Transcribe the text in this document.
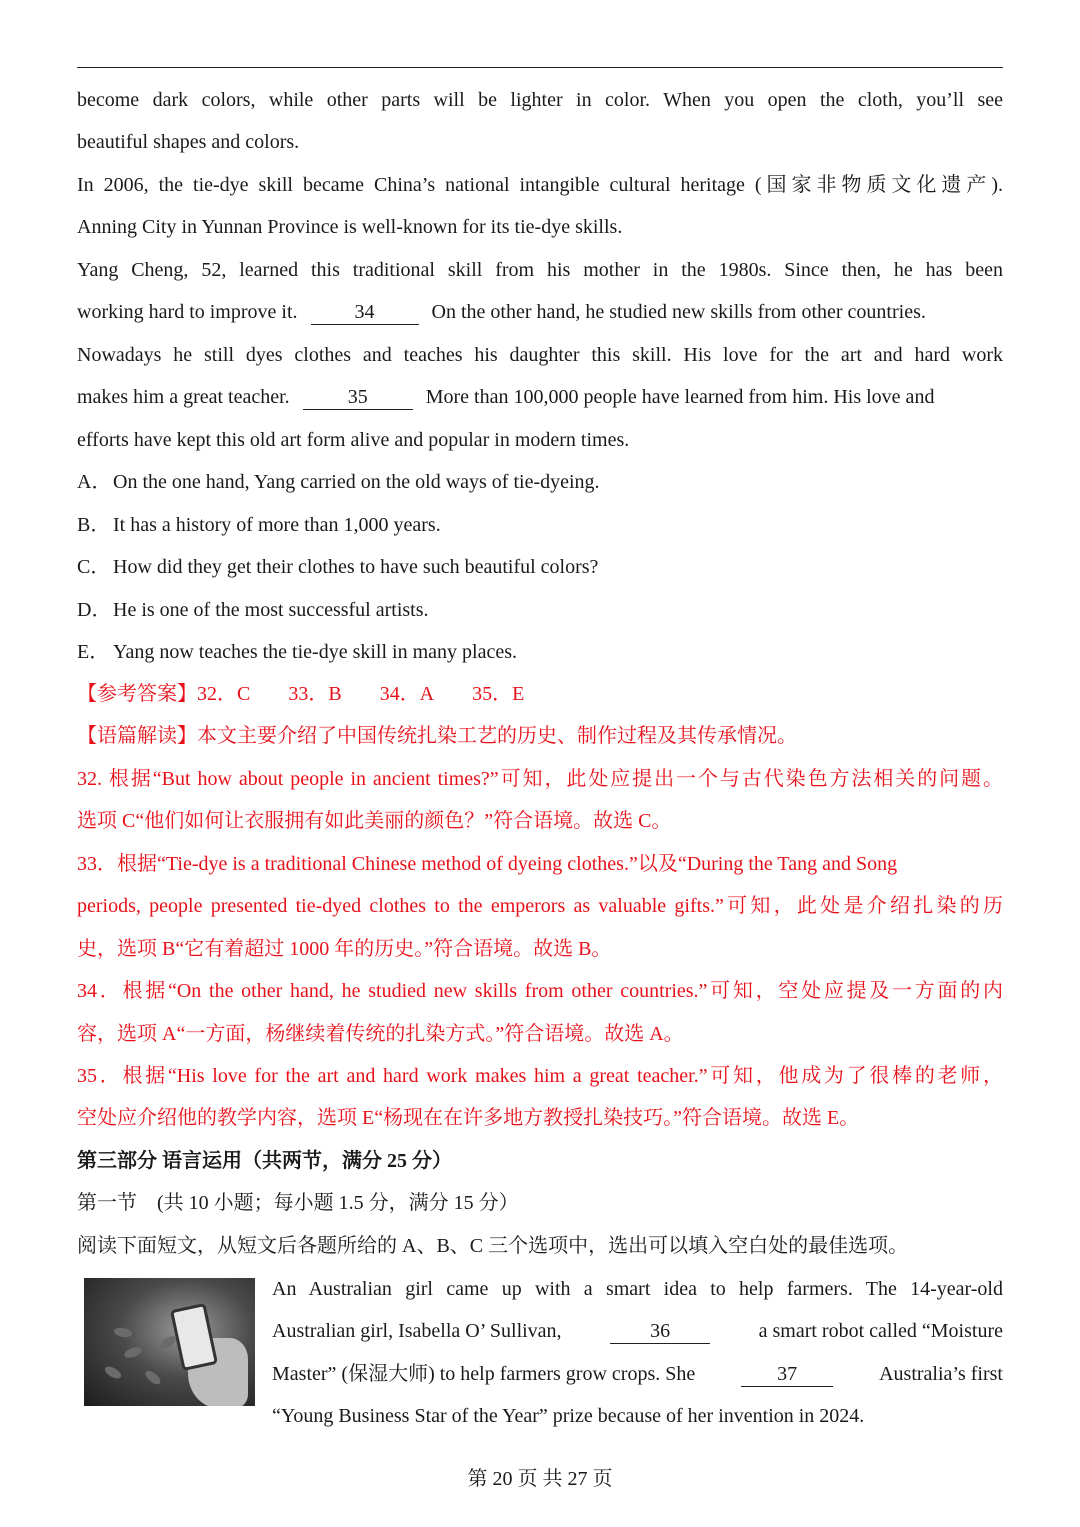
become dark colors, while other parts will be lighter in color. When you open the cloth, you’ll see
beautiful shapes and colors.
In 2006, the tie-dye skill became China’s national intangible cultural heritage (国家非物质文化遗产).
Anning City in Yunnan Province is well-known for its tie-dye skills.
Yang Cheng, 52, learned this traditional skill from his mother in the 1980s. Since then, he has been
working hard to improve it.	34	On the other hand, he studied new skills from other countries.
Nowadays he still dyes clothes and teaches his daughter this skill. His love for the art and hard work
makes him a great teacher.	35	More than 100,000 people have learned from him. His love and
efforts have kept this old art form alive and popular in modern times.
A．On the one hand, Yang carried on the old ways of tie-dyeing.
B． It has a history of more than 1,000 years.
C． How did they get their clothes to have such beautiful colors?
D．He is one of the most successful artists.
E． Yang now teaches the tie-dye skill in many places.
【参考答案】32．C 33．B 34．A 35．E
【语篇解读】本文主要介绍了中国传统扎染工艺的历史、制作过程及其传承情况。
32. 根据“But how about people in ancient times?”可知，此处应提出一个与古代染色方法相关的问题。
选项 C“他们如何让衣服拥有如此美丽的颜色？”符合语境。故选 C。
33．根据“Tie-dye is a traditional Chinese method of dyeing clothes.”以及“During the Tang and Song
periods, people presented tie-dyed clothes to the emperors as valuable gifts.”可知，此处是介绍扎染的历
史，选项 B“它有着超过 1000 年的历史。”符合语境。故选 B。
34．根据“On the other hand, he studied new skills from other countries.”可知，空处应提及一方面的内
容，选项 A“一方面，杨继续着传统的扎染方式。”符合语境。故选 A。
35．根据“His love for the art and hard work makes him a great teacher.”可知，他成为了很棒的老师，
空处应介绍他的教学内容，选项 E“杨现在在许多地方教授扎染技巧。”符合语境。故选 E。
第三部分 语言运用（共两节，满分 25 分）
第一节　(共 10 小题；每小题 1.5 分，满分 15 分）
阅读下面短文，从短文后各题所给的 A、B、C 三个选项中，选出可以填入空白处的最佳选项。
An Australian girl came up with a smart idea to help farmers. The 14-year-old
Australian girl, Isabella O’ Sullivan,	36	a smart robot called “Moisture
Master” (保湿大师) to help farmers grow crops. She	37	Australia’s first
“Young Business Star of the Year” prize because of her invention in 2024.
第 20 页 共 27 页
